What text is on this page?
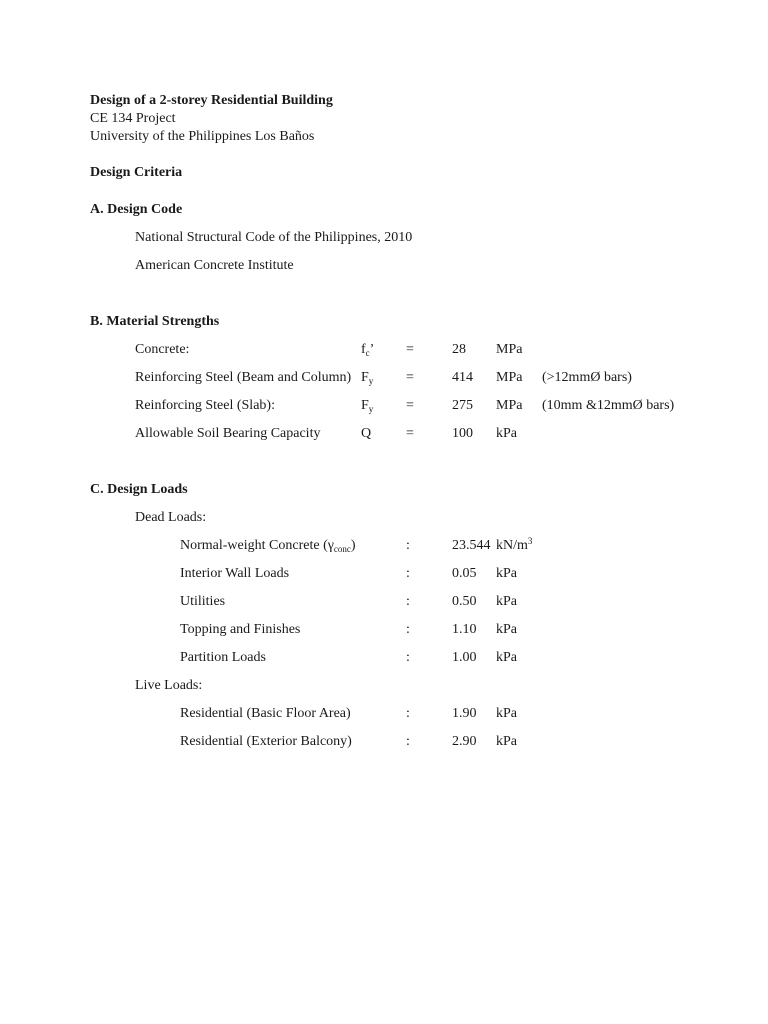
Design of a 2-storey Residential Building
CE 134 Project
University of the Philippines Los Baños
Design Criteria
A. Design Code
National Structural Code of the Philippines, 2010
American Concrete Institute
B. Material Strengths
Concrete:	$f_c$’ =	28 MPa
Reinforcing Steel (Beam and Column) $F_y$ =	414 MPa (>12mmØ bars)
Reinforcing Steel (Slab):	$F_y$ =	275 MPa (10mm &12mmØ bars)
Allowable Soil Bearing Capacity	Q =	100 kPa
C. Design Loads
Dead Loads:
Normal-weight Concrete $(\gamma_{conc})$	:	23.544 $kN/m^3$
Interior Wall Loads	:	0.05 kPa
Utilities	:	0.50 kPa
Topping and Finishes	:	1.10 kPa
Partition Loads	:	1.00 kPa
Live Loads:
Residential (Basic Floor Area)	:	1.90 kPa
Residential (Exterior Balcony)	:	2.90 kPa
